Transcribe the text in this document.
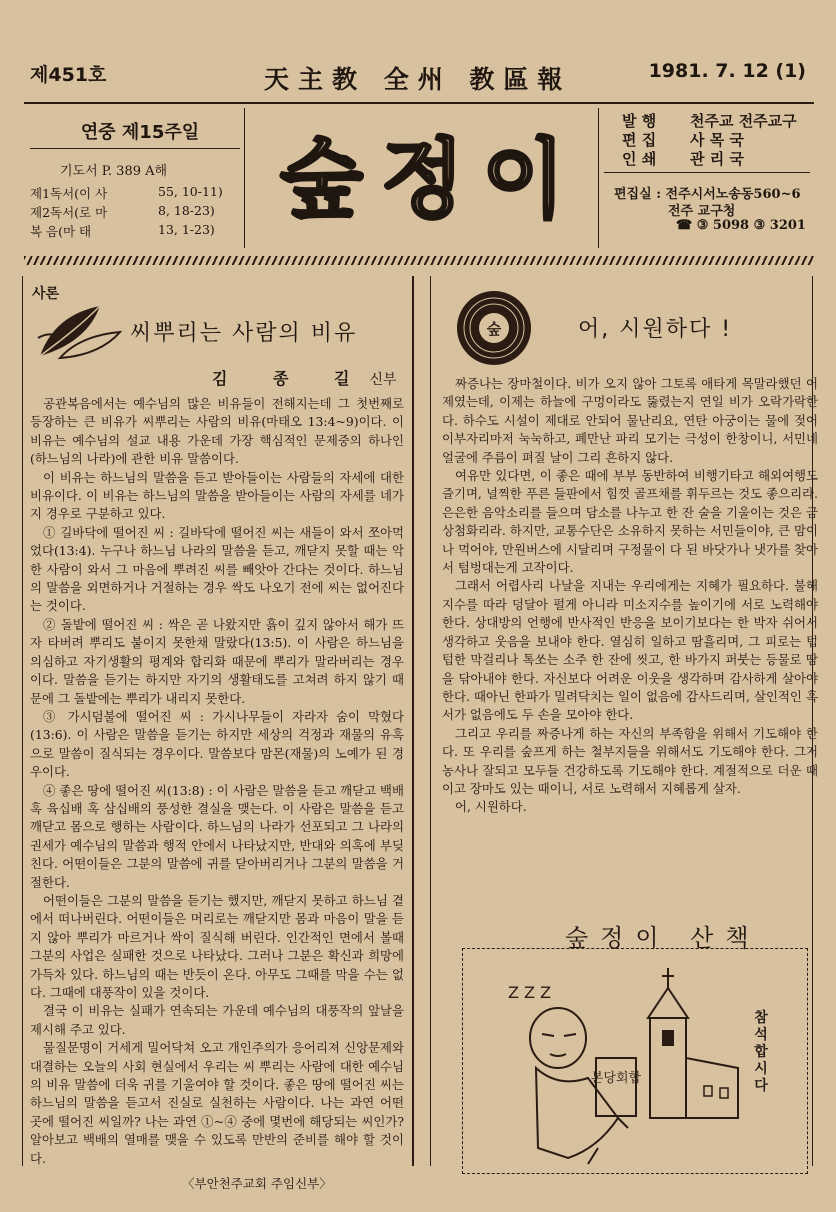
제451호	天主教 全州 教區報	1981. 7. 12 (1)
연중 제15주일
기도서 P. 389 A해
제1독서(이 사	55, 10-11)
제2독서(로 마	8, 18-23)
복 음(마 태	13, 1-23) 숲정이
발 행 천주교 전주교구
편 집 사 목 국
인 쇄 관 리 국
편집실 : 전주시서노송동560~6
전주 교구청
☎ ③ 5098 ③ 3201
사론
씨뿌리는 사람의 비유
김 종 길신부

공관복음에서는 예수님의 많은 비유들이 전해지는데 그 첫번째로 등장하는 큰 비유가 씨뿌리는 사람의 비유(마태오 13:4~9)이다. 이 비유는 예수님의 설교 내용 가운데 가장 핵심적인 문제중의 하나인 (하느님의 나라)에 관한 비유 말씀이다.

이 비유는 하느님의 말씀을 듣고 받아들이는 사람들의 자세에 대한 비유이다. 이 비유는 하느님의 말씀을 받아들이는 사람의 자세를 네가지 경우로 구분하고 있다.

① 길바닥에 떨어진 씨 : 길바닥에 떨어진 씨는 새들이 와서 쪼아먹었다(13:4). 누구나 하느님 나라의 말씀을 듣고, 깨닫지 못할 때는 악한 사람이 와서 그 마음에 뿌려진 씨를 빼앗아 간다는 것이다. 하느님의 말씀을 외면하거나 거절하는 경우 싹도 나오기 전에 씨는 없어진다는 것이다.

② 돌밭에 떨어진 씨 : 싹은 곧 나왔지만 흙이 깊지 않아서 해가 뜨자 타버려 뿌리도 붙이지 못한채 말랐다(13:5). 이 사람은 하느님을 의심하고 자기생활의 평계와 합리화 때문에 뿌리가 말라버리는 경우이다. 말씀을 듣기는 하지만 자기의 생활태도를 고쳐려 하지 않기 때문에 그 돌밭에는 뿌리가 내리지 못한다.

③ 가시덤불에 떨어진 씨 : 가시나무들이 자라자 숨이 막혔다(13:6). 이 사람은 말씀을 듣기는 하지만 세상의 걱정과 재물의 유혹으로 말씀이 질식되는 경우이다. 말씀보다 맘몬(재물)의 노예가 된 경우이다.

④ 좋은 땅에 떨어진 씨(13:8) : 이 사람은 말씀을 듣고 깨닫고 백배 혹 육십배 혹 삼십배의 풍성한 결실을 맺는다. 이 사람은 말씀을 듣고 깨닫고 몸으로 행하는 사람이다. 하느님의 나라가 선포되고 그 나라의 권세가 예수님의 말씀과 행적 안에서 나타났지만, 반대와 의혹에 부딪친다. 어떤이들은 그분의 말씀에 귀를 닫아버리거나 그분의 말씀을 거절한다.

어떤이들은 그분의 말씀을 듣기는 했지만, 깨닫지 못하고 하느님 곁에서 떠나버린다. 어떤이들은 머리로는 깨닫지만 몸과 마음이 말을 듣지 않아 뿌리가 마르거나 싹이 질식해 버린다. 인간적인 면에서 볼때 그분의 사업은 실패한 것으로 나타났다. 그러나 그분은 확신과 희망에 가득차 있다. 하느님의 때는 반듯이 온다. 아무도 그때를 막을 수는 없다. 그때에 대풍작이 있을 것이다.

결국 이 비유는 실패가 연속되는 가운데 예수님의 대풍작의 앞날을 제시해 주고 있다.

물질문명이 거세게 밀어닥쳐 오고 개인주의가 응어리져 신앙문제와 대결하는 오늘의 사회 현실에서 우리는 씨 뿌리는 사람에 대한 예수님의 비유 말씀에 더욱 귀를 기울여야 할 것이다. 좋은 땅에 떨어진 씨는 하느님의 말씀을 듣고서 진실로 실천하는 사람이다. 나는 과연 어떤 곳에 떨어진 씨일까? 나는 과연 ①~④ 중에 몇번에 해당되는 씨인가? 알아보고 백배의 열매를 맺을 수 있도록 만반의 준비를 해야 할 것이다.

〈부안천주교회 주임신부〉
숲	어, 시원하다 !

짜증나는 장마철이다. 비가 오지 않아 그토록 애타게 목말라했던 어제였는데, 이제는 하늘에 구멍이라도 뚫렸는지 연일 비가 오락가락한다. 하수도 시설이 제대로 안되어 물난리요, 연탄 아궁이는 물에 젖어 이부자리마저 눅눅하고, 폐만난 파리 모기는 극성이 한창이니, 서민네 얼굴에 주름이 펴질 날이 그리 흔하지 않다.

여유만 있다면, 이 좋은 때에 부부 동반하여 비행기타고 해외여행도 즐기며, 널찍한 푸른 들판에서 힘껏 골프채를 휘두르는 것도 좋으리라. 은은한 음악소리를 들으며 담소를 나누고 한 잔 술을 기울이는 것은 금상첨화리라. 하지만, 교통수단은 소유하지 못하는 서민들이야, 큰 맘이나 먹어야, 만원버스에 시달리며 구정물이 다 된 바닷가나 냇가를 찾아서 텀벙대는게 고작이다.

그래서 어렵사리 나날을 지내는 우리에게는 지혜가 필요하다. 불해지수를 따라 덩달아 펄게 아니라 미소지수를 높이기에 서로 노력해야 한다. 상대방의 언행에 반사적인 반응을 보이기보다는 한 박자 쉬어서 생각하고 웃음을 보내야 한다. 열심히 일하고 땀흘리며, 그 피로는 텁텁한 막걸리나 톡쏘는 소주 한 잔에 씻고, 한 바가지 퍼붓는 등물로 땀을 닦아내야 한다. 자신보다 어려운 이웃을 생각하며 감사하게 살아야 한다. 때아닌 한파가 밀려닥치는 일이 없음에 감사드리며, 살인적인 혹서가 없음에도 두 손을 모아야 한다.

그리고 우리를 짜증나게 하는 자신의 부족함을 위해서 기도해야 한다. 또 우리를 숲프게 하는 철부지들을 위해서도 기도해야 한다. 그저 농사나 잘되고 모두들 건강하도록 기도해야 한다. 계절적으로 더운 때이고 장마도 있는 때이니, 서로 노력해서 지혜롭게 살자.

어, 시원하다.

숲정이 산책
본당회합
Z Z Z
참석합시다
